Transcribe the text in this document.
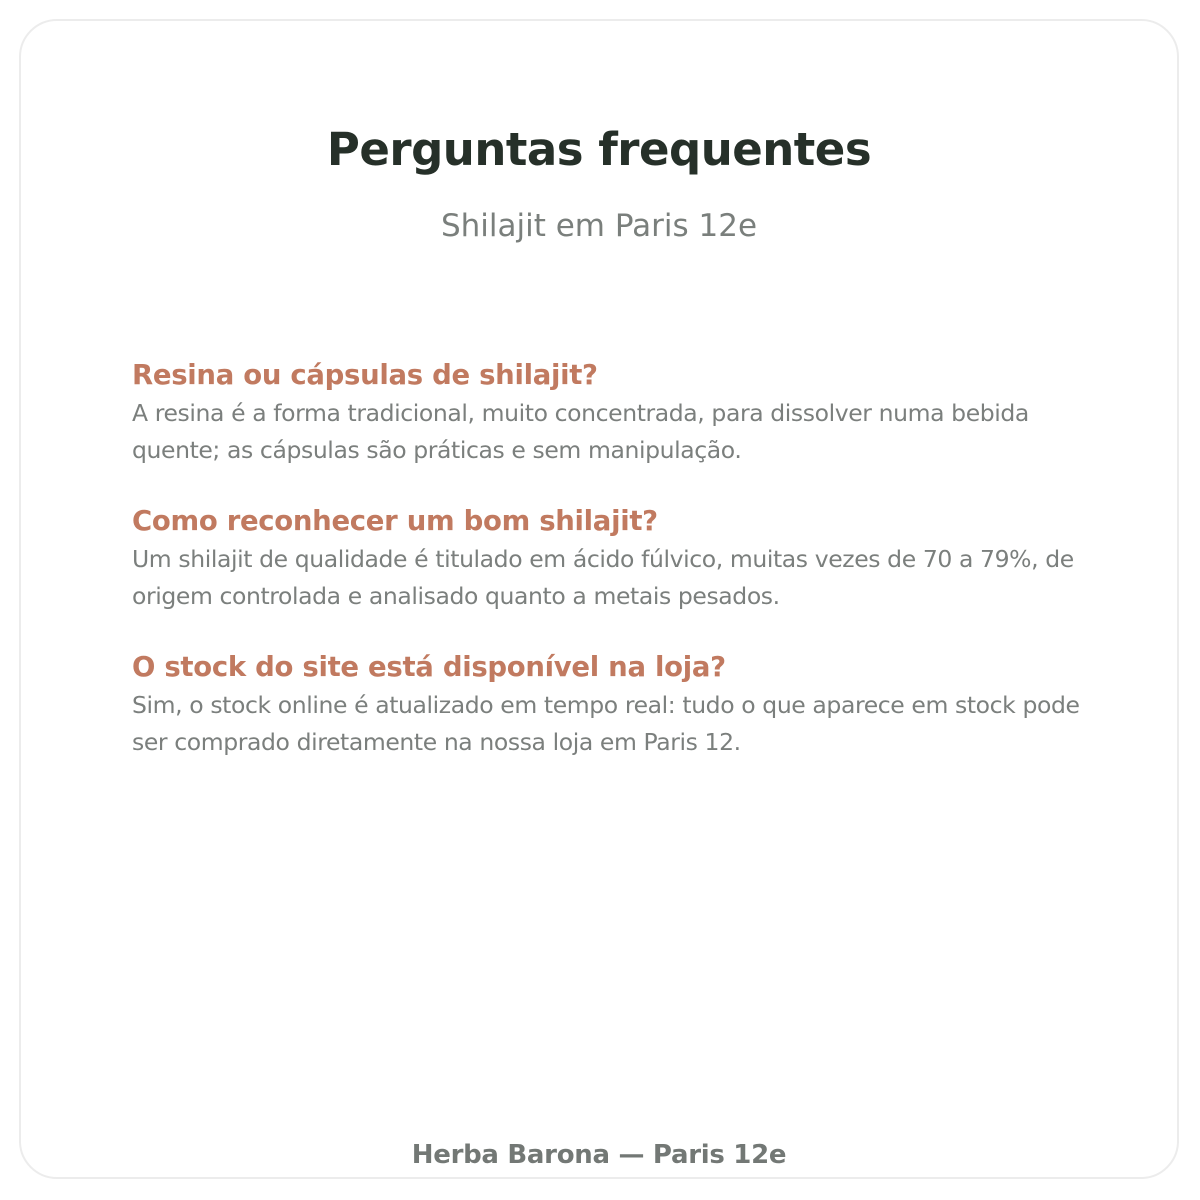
Perguntas frequentes
Shilajit em Paris 12e
Resina ou cápsulas de shilajit?
A resina é a forma tradicional, muito concentrada, para dissolver numa bebida quente; as cápsulas são práticas e sem manipulação.
Como reconhecer um bom shilajit?
Um shilajit de qualidade é titulado em ácido fúlvico, muitas vezes de 70 a 79%, de origem controlada e analisado quanto a metais pesados.
O stock do site está disponível na loja?
Sim, o stock online é atualizado em tempo real: tudo o que aparece em stock pode ser comprado diretamente na nossa loja em Paris 12.
Herba Barona — Paris 12e
